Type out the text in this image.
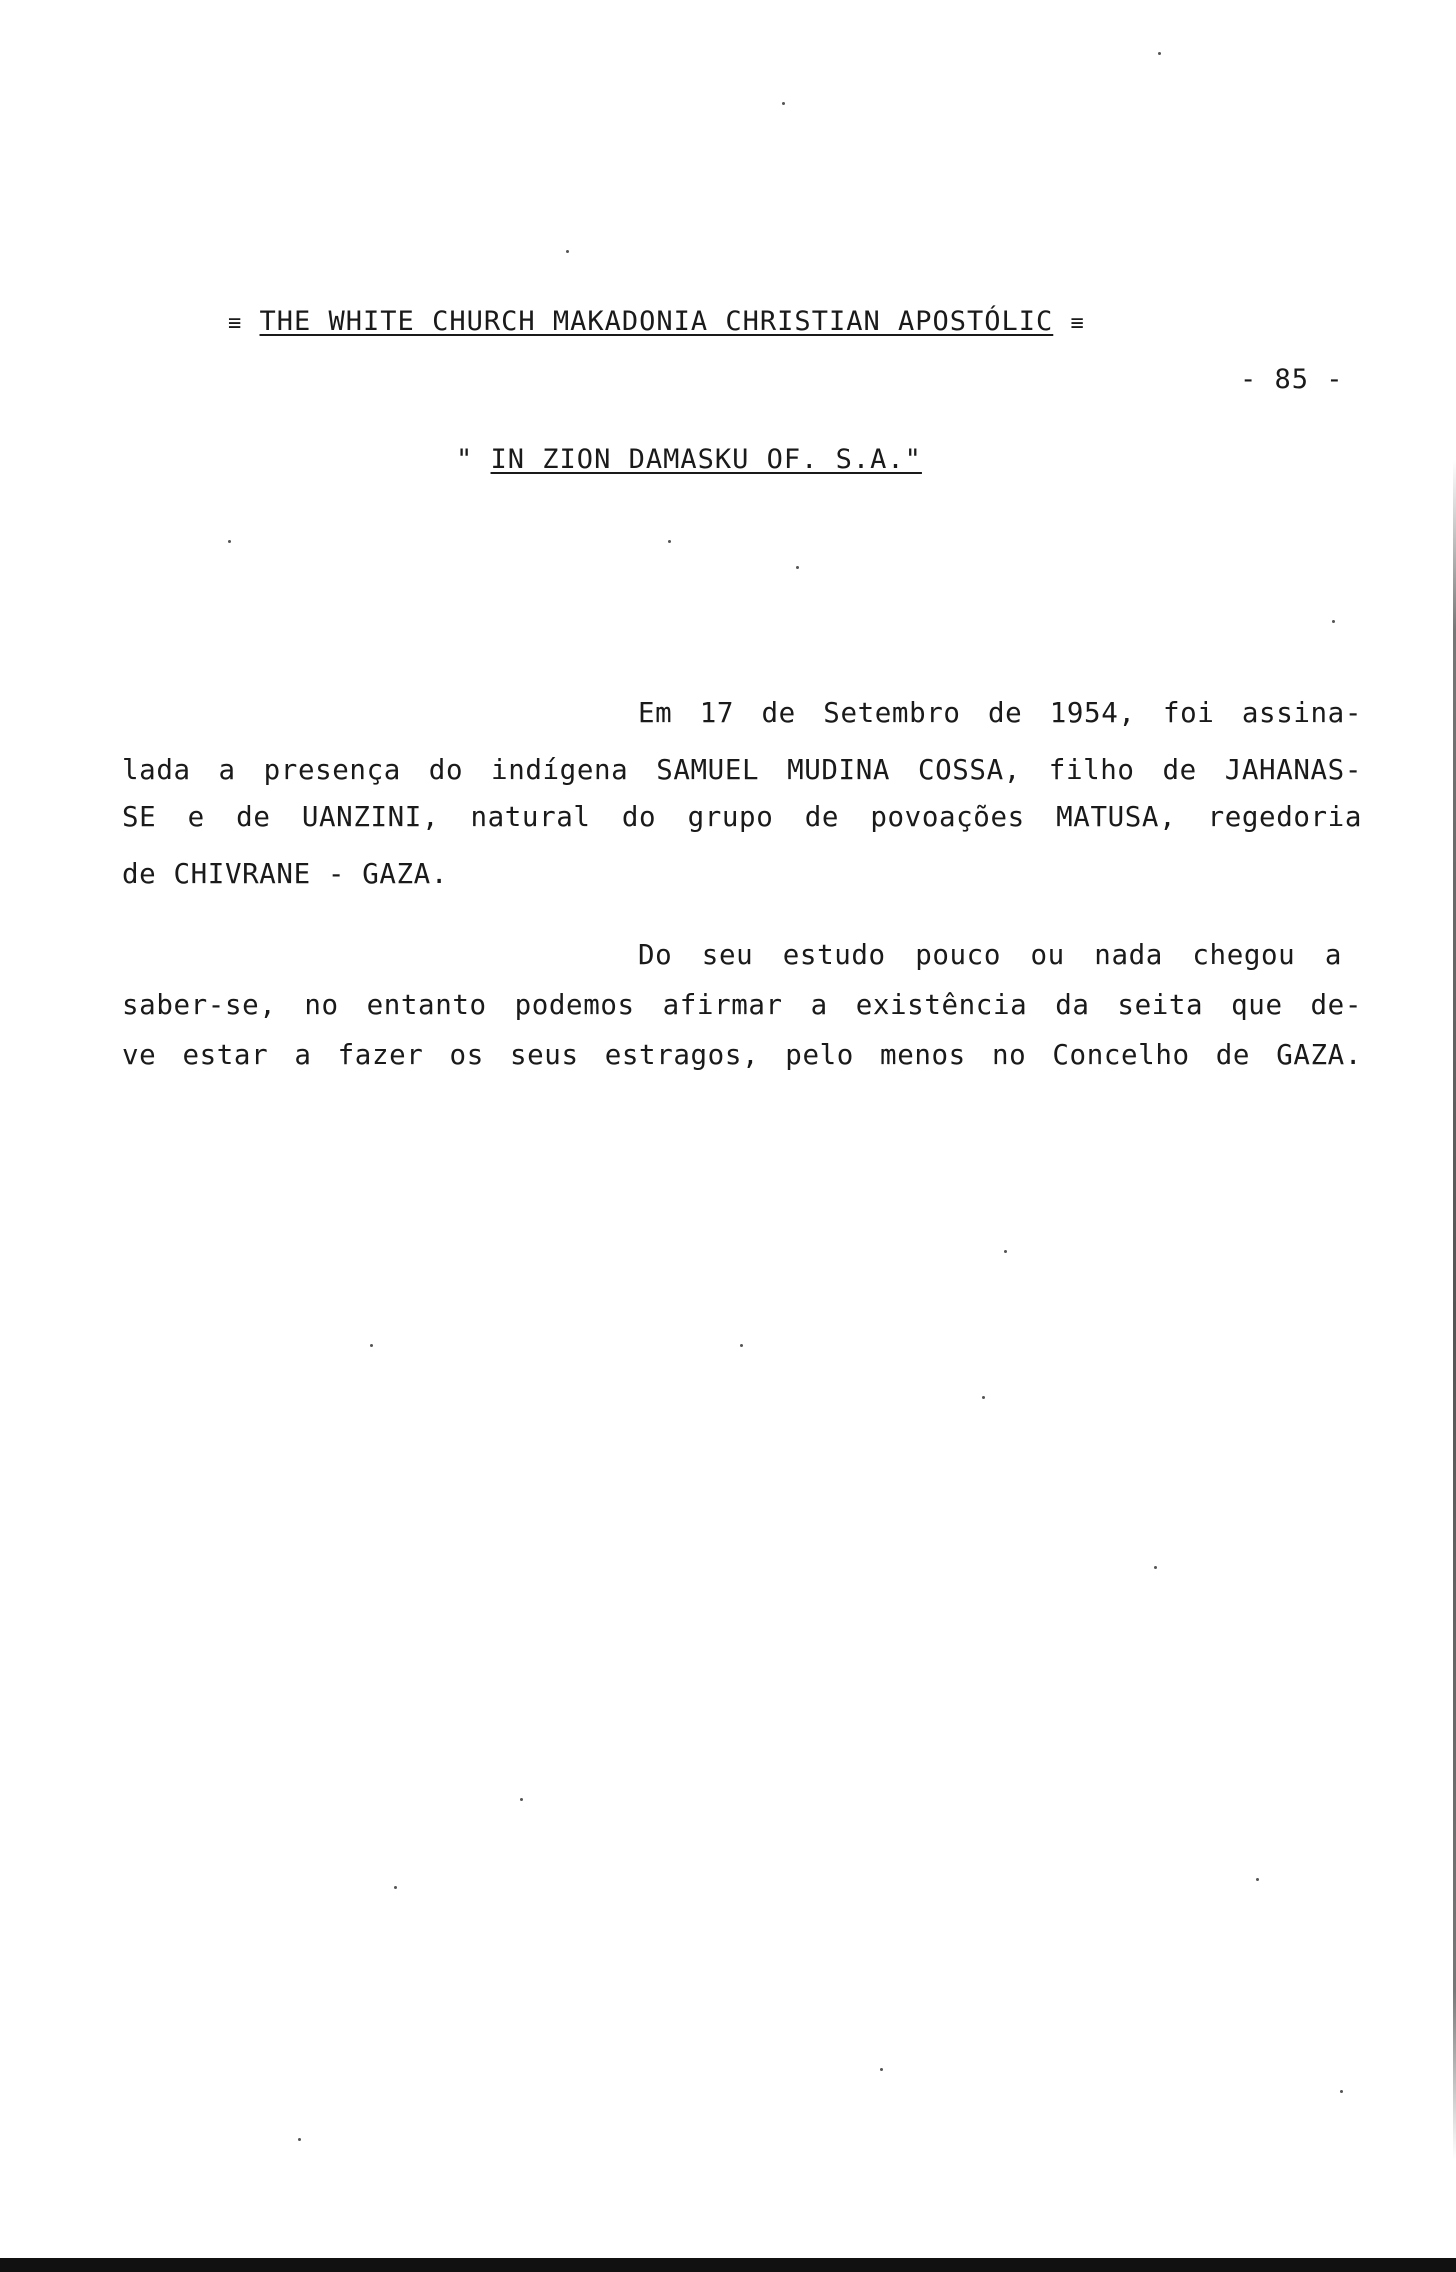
≡ THE WHITE CHURCH MAKADONIA CHRISTIAN APOSTÓLIC ≡
- 85 -
" IN ZION DAMASKU OF. S.A."
Em 17 de Setembro de 1954, foi assina-
lada a presença do indígena SAMUEL MUDINA COSSA, filho de JAHANAS-
SE e de UANZINI, natural do grupo de povoações MATUSA, regedoria
de CHIVRANE - GAZA.
Do seu estudo pouco ou nada chegou a
saber-se, no entanto podemos afirmar a existência da seita que de-
ve estar a fazer os seus estragos, pelo menos no Concelho de GAZA.
